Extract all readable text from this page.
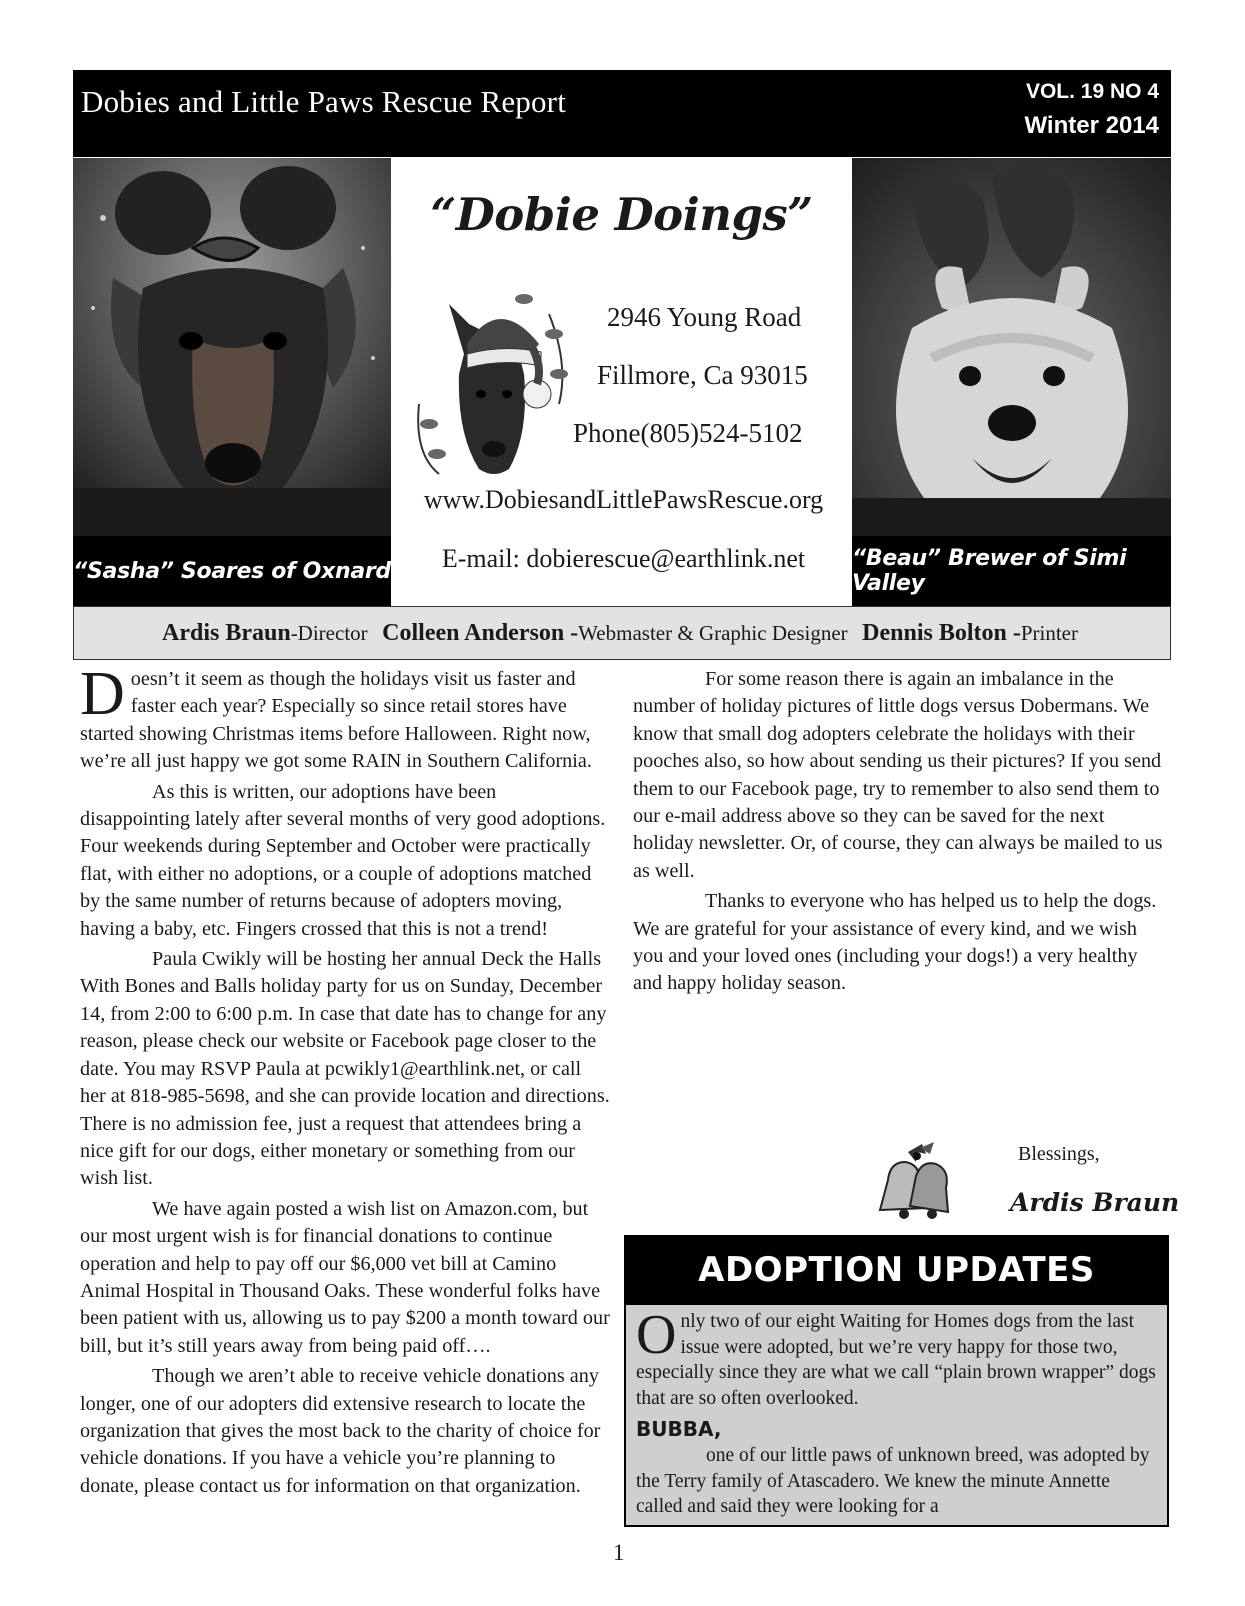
Dobies and Little Paws Rescue Report	VOL. 19 NO 4
Winter 2014
“Sasha” Soares of Oxnard
“Dobie Doings”
2946 Young Road
Fillmore, Ca 93015
Phone(805)524-5102
www.DobiesandLittlePawsRescue.org
E-mail: dobierescue@earthlink.net	“Beau” Brewer of Simi Valley
Ardis Braun -Director
Colleen Anderson - Webmaster & Graphic Designer
Dennis Bolton - Printer

Doesn’t it seem as though the holidays visit us faster and faster each year? Especially so since retail stores have started showing Christmas items before Halloween. Right now, we’re all just happy we got some RAIN in Southern California.

As this is written, our adoptions have been disappointing lately after several months of very good adoptions. Four weekends during September and October were practically flat, with either no adoptions, or a couple of adoptions matched by the same number of returns because of adopters moving, having a baby, etc. Fingers crossed that this is not a trend!

Paula Cwikly will be hosting her annual Deck the Halls With Bones and Balls holiday party for us on Sunday, December 14, from 2:00 to 6:00 p.m. In case that date has to change for any reason, please check our website or Facebook page closer to the date. You may RSVP Paula at pcwikly1@earthlink.net, or call her at 818-985-5698, and she can provide location and directions. There is no admission fee, just a request that attendees bring a nice gift for our dogs, either monetary or something from our wish list.

We have again posted a wish list on Amazon.com, but our most urgent wish is for financial donations to continue operation and help to pay off our $6,000 vet bill at Camino Animal Hospital in Thousand Oaks. These wonderful folks have been patient with us, allowing us to pay $200 a month toward our bill, but it’s still years away from being paid off….

Though we aren’t able to receive vehicle donations any longer, one of our adopters did extensive research to locate the organization that gives the most back to the charity of choice for vehicle donations. If you have a vehicle you’re planning to donate, please contact us for information on that organization.

For some reason there is again an imbalance in the number of holiday pictures of little dogs versus Dobermans. We know that small dog adopters celebrate the holidays with their pooches also, so how about sending us their pictures? If you send them to our Facebook page, try to remember to also send them to our e-mail address above so they can be saved for the next holiday newsletter. Or, of course, they can always be mailed to us as well.

Thanks to everyone who has helped us to help the dogs. We are grateful for your assistance of every kind, and we wish you and your loved ones (including your dogs!) a very healthy and happy holiday season.

Blessings,
Ardis Braun
ADOPTION UPDATES

Only two of our eight Waiting for Homes dogs from the last issue were adopted, but we’re very happy for those two, especially since they are what we call “plain brown wrapper” dogs that are so often overlooked.

BUBBA,

one of our little paws of unknown breed, was adopted by the Terry family of Atascadero. We knew the minute Annette called and said they were looking for a

1
